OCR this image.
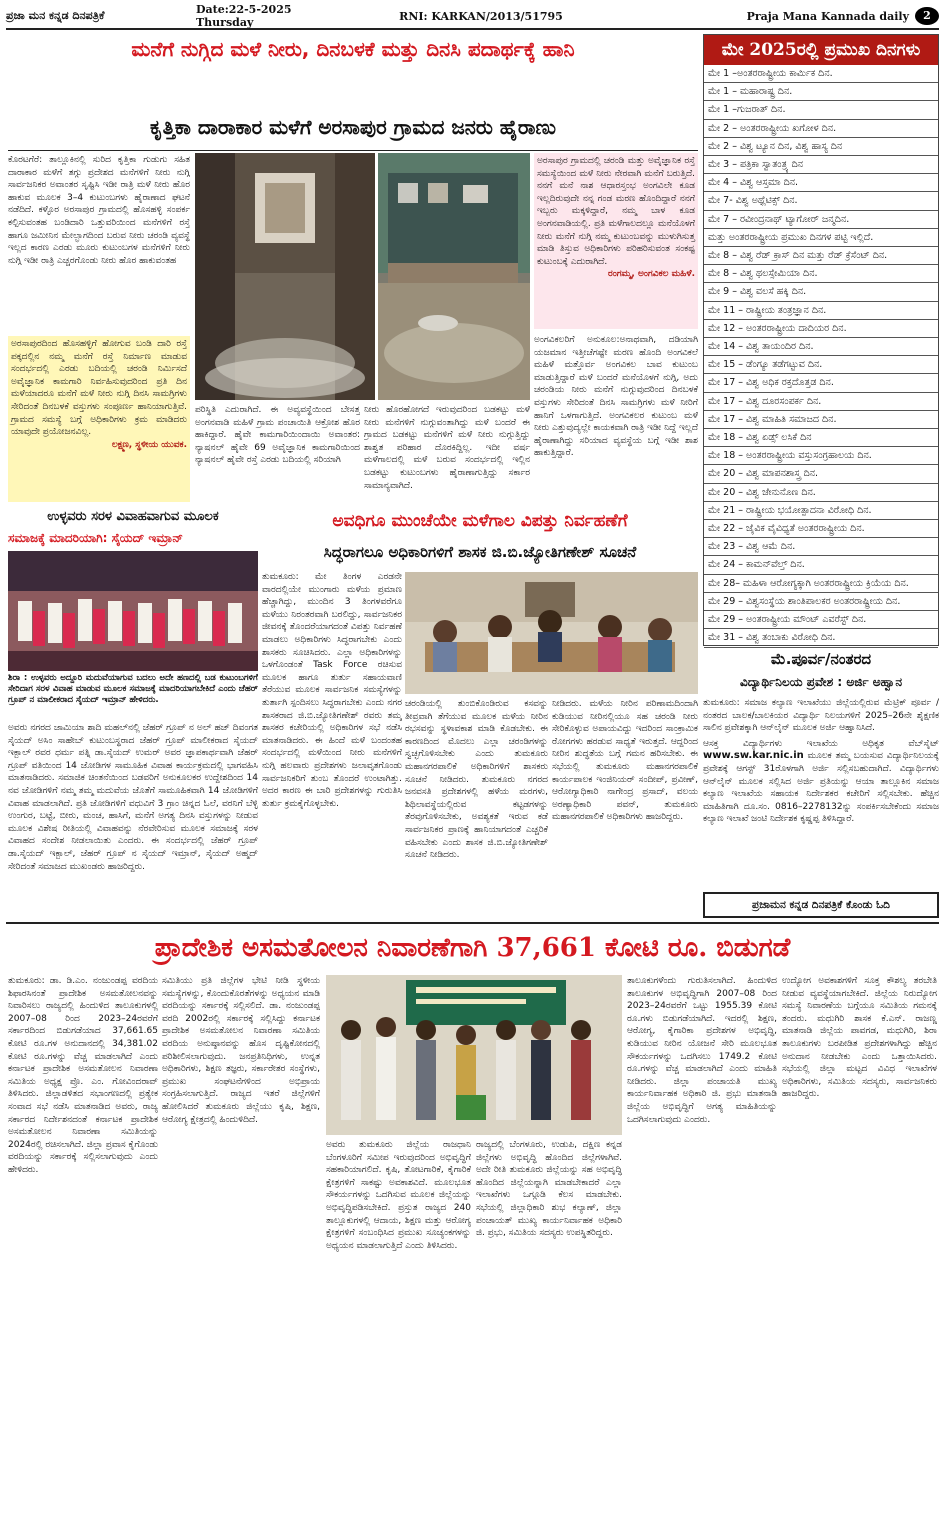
ಪ್ರಜಾ ಮನ ಕನ್ನಡ ದಿನಪತ್ರಿಕೆ	Date:22-5-2025 Thursday	RNI: KARKAN/2013/51795	Praja Mana Kannada daily	2
ಮನೆಗೆ ನುಗ್ಗಿದ ಮಳೆ ನೀರು, ದಿನಬಳಕೆ ಮತ್ತು ದಿನಸಿ ಪದಾರ್ಥಕ್ಕೆ ಹಾನಿ
ಕೃತ್ತಿಕಾ ದಾರಾಕಾರ ಮಳೆಗೆ ಅರಸಾಪುರ ಗ್ರಾಮದ ಜನರು ಹೈರಾಣು
ಕೊರಟಗೆರೆ: ತಾಲ್ಲೂಕಿನಲ್ಲಿ ಸುರಿದ ಕೃತ್ತಿಕಾ ಗುಡುಗು ಸಹಿತ ದಾರಾಕಾರ ಮಳೆಗೆ ತಗ್ಗು ಪ್ರದೇಶದ ಮನೆಗಳಿಗೆ ನೀರು ನುಗ್ಗಿ ಸಾರ್ವಜನಿಕರ ಅವಾಂತರ ಸೃಷ್ಟಿಸಿ ಇಡೀ ರಾತ್ರಿ ಮಳೆ ನೀರು ಹೊರ ಹಾಕುವ ಮೂಲಕ 3–4 ಕುಟುಂಬಗಳು ಹೈರಾಣಾದ ಘಟನೆ ನಡೆದಿದೆ. ಕಳ್ಳೊರ ಅರಸಾಪುರ ಗ್ರಾಮದಲ್ಲಿ ಹೊಸಹಳ್ಳಿ ಸಂಪರ್ಕ ಕಲ್ಪಿಸುವಂತಹ ಬಂಡಿದಾರಿ ಒತ್ತುವರಿಯಿಂದ ಮನೆಗಳಿಗೆ ರಸ್ತೆ ಹಾಗೂ ಜಮೀನಿನ ಮೇಲ್ಭಾಗದಿಂದ ಬರುವ ನೀರು ಚರಂಡಿ ವ್ಯವಸ್ಥೆ ಇಲ್ಲದ ಕಾರಣ ಎರಡು ಮೂರು ಕುಟುಂಬಗಳ ಮನೆಗಳಿಗೆ ನೀರು ನುಗ್ಗಿ ಇಡೀ ರಾತ್ರಿ ಎಚ್ಚರಗೊಂಡು ನೀರು ಹೊರ ಹಾಕುವಂತಹ
ಅರಸಾಪುರದಿಂದ ಹೊಸಹಳ್ಳಿಗೆ ಹೋಗುವ ಬಂಡಿ ದಾರಿ ರಸ್ತೆ ಪಕ್ಕದಲ್ಲಿನ ನಮ್ಮ ಮನೆಗೆ ರಸ್ತೆ ನಿರ್ಮಾಣ ಮಾಡುವ ಸಂದರ್ಭದಲ್ಲಿ ಎರಡು ಬದಿಯಲ್ಲಿ ಚರಂಡಿ ನಿರ್ಮಿಸದೆ ಅವೈಜ್ಞಾನಿಕ ಕಾಮಗಾರಿ ನಿರ್ವಹಿಸುವುದರಿಂದ ಪ್ರತಿ ದಿನ ಮಳೆಯಾದರೂ ಮನೆಗೆ ಮಳೆ ನೀರು ನುಗ್ಗಿ ದಿನಸಿ ಸಾಮಗ್ರಿಗಳು ಸೇರಿದಂತೆ ದಿನಬಳಕೆ ವಸ್ತುಗಳು ಸಂಪೂರ್ಣ ಹಾನಿಯಾಗುತ್ತಿವೆ. ಗ್ರಾಮದ ಸಮಸ್ಯೆ ಬಗ್ಗೆ ಅಧಿಕಾರಿಗಳು ಕ್ರಮ ಮಾಡಿದರು ಯಾವುದೇ ಪ್ರಯೋಜನವಿಲ್ಲ.
ಲಕ್ಷ್ಮಣ, ಸ್ಥಳೀಯ ಯುವಕ.
ಪರಿಸ್ಥಿತಿ ಎದುರಾಗಿದೆ. ಈ ಅವ್ಯವಸ್ಥೆಯಿಂದ ಬೇಸತ್ತ ಅಂಗನವಾಡಿ ಮಹಿಳೆ ಗ್ರಾಮ ಪಂಚಾಯಿತಿ ಆಕ್ರೋಶ ಹೊರ ಹಾಕಿದ್ದಾರೆ. ಹೈವೇ ಕಾಮಗಾರಿಯಿಂದಾಯಿ ಅವಾಂತರ: ನ್ಯಾಷನಲ್ ಹೈವೇ 69 ಅವೈಜ್ಞಾನಿಕ ಕಾಮಗಾರಿಯಿಂದ ನ್ಯಾಷನಲ್ ಹೈವೇ ರಸ್ತೆ ಎರಡು ಬದಿಯಲ್ಲಿ ಸರಿಯಾಗಿ
ನೀರು ಹೊರಹೋಗದೆ ಇರುವುದರಿಂದ ಬಡಕಟ್ಟು ಮಳೆ ನೀರು ಮನೆಗಳಿಗೆ ನುಗ್ಗುವಂತಾಗಿದ್ದು ಮಳೆ ಬಂದರೆ ಈ ಗ್ರಾಮದ ಬಡಕಟ್ಟು ಮನೆಗಳಿಗೆ ಮಳೆ ನೀರು ನುಗ್ಗುತ್ತಿದ್ದು ಶಾಶ್ವತ ಪರಿಹಾರ ದೊರಕಿದ್ದಿಲ್ಲ. ಇದೀ ವರ್ಷ ಮಳೆಗಾಲದಲ್ಲಿ ಮಳೆ ಬರುವ ಸಂದರ್ಭದಲ್ಲಿ ಇಲ್ಲಿನ ಬಡಕಟ್ಟು ಕುಟುಂಬಗಳು ಹೈರಾಣಾಗುತ್ತಿದ್ದು ಸರ್ಕಾರ ಸಾಮಾನ್ಯವಾಗಿದೆ.
ಅರಸಾಪುರ ಗ್ರಾಮದಲ್ಲಿ ಚರಂಡಿ ಮತ್ತು ಅವೈಜ್ಞಾನಿಕ ರಸ್ತೆ ಸಮಸ್ಯೆಯಿಂದ ಮಳೆ ನೀರು ನೇರವಾಗಿ ಮನೆಗೆ ಬರುತ್ತಿದೆ. ನನಗೆ ಮನೆ ನಾಶ ಆಧಾರಸ್ತಂಭ ಅಂಗವಿಲೇ ಕೂಡ ಇಲ್ಲದಿರುವುದೇ ನನ್ನ ಗಂಡ ಮರಣ ಹೊಂದಿದ್ದಾರೆ ನನಗೆ ಇಬ್ಬರು ಮಕ್ಕಳಿದ್ದಾರೆ, ನಮ್ಮ ಬಾಳ ಕೂಡ ಅಂಗನವಾಡಿಯಲ್ಲಿ. ಪ್ರತಿ ಮಳೆಗಾಲದಲ್ಲೂ ಮನೆಯೊಳಗೆ ನೀರು ಮನೆಗೆ ನುಗ್ಗಿ ನಮ್ಮ ಕುಟುಂಬವನ್ನು ಮುಳುಗಿಸುತ್ತ ಮಾಡಿ ತಿಸ್ತುವ ಅಧಿಕಾರಿಗಳು ಪರಿಹರಿಸುವಂತ ಸಂಕಷ್ಟ ಕುಟುಂಬಕ್ಕೆ ಎದುರಾಗಿದೆ.
ರಂಗಮ್ಮ, ಅಂಗವಿಕಲ ಮಹಿಳೆ.
ಅಂಗವಿಕಲರಿಗೆ ಅನುಕೂಲ:ಅನಾಥವಾಗಿ, ದಡಿಯಾಗಿ ಯಜಮಾನ ಇತ್ತೀಚೆಗಷ್ಟೇ ಮರಣ ಹೊಂದಿ ಅಂಗವಿಕಲೆ ಮಹಿಳೆ ಮತ್ತೊರ್ವ ಅಂಗವಿಕಲ ಬಾವ ಕುಟುಂಬ ಮಾಡುತ್ತಿದ್ದಾರೆ ಮಳೆ ಬಂದರೆ ಮನೆಯೊಳಗೆ ನುಗ್ಗಿ, ಅದು ಚರಂಡಿಯ ನೀರು ಮನೆಗೆ ನುಗ್ಗುವುದರಿಂದ ದಿನಬಳಕೆ ವಸ್ತುಗಳು ಸೇರಿದಂತೆ ದಿನಸಿ ಸಾಮಗ್ರಿಗಳು ಮಳೆ ನೀರಿಗೆ ಹಾನಿಗೆ ಒಳಗಾಗುತ್ತಿದೆ. ಅಂಗವಿಕಲರ ಕುಟುಂಬ ಮಳೆ ನೀರು ಎತ್ತುವುದ್ಯಲ್ಲೇ ಕಾಯಕವಾಗಿ ರಾತ್ರಿ ಇಡೀ ನಿದ್ದೆ ಇಲ್ಲದೆ ಹೈರಾಣಾಗಿದ್ದು ಸರಿಯಾದ ವ್ಯವಸ್ಥೆಯ ಬಗ್ಗೆ ಇಡೀ ಶಾಶ ಹಾಕುತ್ತಿದ್ದಾರೆ.
ಉಳ್ಳವರು ಸರಳ ವಿವಾಹವಾಗುವ ಮೂಲಕ
ಸಮಾಜಕ್ಕೆ ಮಾದರಿಯಾಗಿ: ಸೈಯದ್ ಇಮ್ರಾನ್
ಶಿರಾ : ಉಳ್ಳವರು ಅದ್ದೂರಿ ಮದುವೆಯಾಗುವ ಬದಲು ಅದೇ ಹಣದಲ್ಲಿ ಬಡ ಕುಟುಂಬಗಳಿಗೆ ಸೇರಿದಾಗ ಸರಳ ವಿವಾಹ ಮಾಡುವ ಮೂಲಕ ಸಮಾಜಕ್ಕೆ ಮಾದರಿಯಾಗಬೇಕಿದೆ ಎಂದು ಜೆಹರ್ ಗ್ರೂಪ್ ನ ಮಾಲೀಕರಾದ ಸೈಯದ್ ಇಮ್ರಾನ್ ಹೇಳಿದರು.
ಅವರು ನಗರದ ಜಾಮಿಯಾ ಶಾದಿ ಮಹಲ್‌ನಲ್ಲಿ ಜೆಹರ್ ಗ್ರೂಪ್ ನ ಅಲ್ ಹಜ್ ದಿವಂಗತ ಸೈಯದ್ ಅಸಿಂ ಸಾಹೇಬ್ ಕುಟುಂಬಸ್ಥರಾದ ಜೆಹರ್ ಗ್ರೂಪ್ ಮಾಲೀಕರಾದ ಸೈಯದ್ ಇಕ್ಬಾಲ್ ರವರ ಧರ್ಮ ಪತ್ನಿ ಡಾ.ಸೈಯದ್ ಉಮರ್ ಅವರ ಜ್ಞಾಪಕಾರ್ಥವಾಗಿ ಜೆಹರ್ ಗ್ರೂಪ್ ವತಿಯಿಂದ 14 ಜೋಡಿಗಳ ಸಾಮೂಹಿಕ ವಿವಾಹ ಕಾರ್ಯಕ್ರಮದಲ್ಲಿ ಭಾಗವಹಿಸಿ ಮಾತನಾಡಿದರು. ಸಮಾಜಿಕ ಚಿಂತನೆಯಿಂದ ಬಡವರಿಗೆ ಅನುಕೂಲಕರ ಉದ್ದೇಶದಿಂದ 14 ನವ ಜೋಡಿಗಳಿಗೆ ನಮ್ಮ ತಮ್ಮ ಮದುವೆಯ ಜೊತೆಗೆ ಸಾಮೂಹಿಕವಾಗಿ 14 ಜೋಡಿಗಳಿಗೆ ವಿವಾಹ ಮಾಡಲಾಗಿದೆ. ಪ್ರತಿ ಜೋಡಿಗಳಿಗೆ ವಧುವಿಗೆ 3 ಗ್ರಾಂ ಚಿನ್ನದ ಓಲೆ, ವರನಿಗೆ ಬೆಳ್ಳಿ ಉಂಗುರ, ಬಟ್ಟೆ, ಬೀರು, ಮಂಚ, ಹಾಸಿಗೆ, ಮನೆಗೆ ಅಗತ್ಯ ದಿನಸಿ ವಸ್ತುಗಳನ್ನು ನೀಡುವ ಮೂಲಕ ವಿಶೇಷ ರೀತಿಯಲ್ಲಿ ವಿವಾಹವನ್ನು ನೆರವೇರಿಸುವ ಮೂಲಕ ಸಮಾಜಕ್ಕೆ ಸರಳ ವಿವಾಹದ ಸಂದೇಶ ನೀಡಲಾಯಿತು ಎಂದರು. ಈ ಸಂದರ್ಭದಲ್ಲಿ ಜೆಹರ್ ಗ್ರೂಪ್ ಡಾ.ಸೈಯದ್ ಇಕ್ಬಾಲ್, ಜೆಹರ್ ಗ್ರೂಪ್ ನ ಸೈಯದ್ ಇಮ್ರಾನ್, ಸೈಯದ್ ಅಹ್ಮದ್ ಸೇರಿದಂತೆ ಸಮಾಜದ ಮುಖಂಡರು ಹಾಜರಿದ್ದರು.
ಅವಧಿಗೂ ಮುಂಚೆಯೇ ಮಳೆಗಾಲ ವಿಪತ್ತು ನಿರ್ವಹಣೆಗೆ
ಸಿದ್ಧರಾಗಲೂ ಅಧಿಕಾರಿಗಳಿಗೆ ಶಾಸಕ ಜಿ.ಬಿ.ಜ್ಯೋತಿಗಣೇಶ್ ಸೂಚನೆ
ತುಮಕೂರು: ಮೇ ತಿಂಗಳ ಎರಡನೇ ವಾರದಲ್ಲಿಯೇ ಮುಂಗಾರು ಮಳೆಯ ಪ್ರಮಾಣ ಹೆಚ್ಚಾಗಿದ್ದು, ಮುಂದಿನ 3 ತಿಂಗಳವರೆಗೂ ಮಳೆಯು ನಿರಂತರವಾಗಿ ಬರಲಿದ್ದು, ಸಾರ್ವಜನಿಕರ ಜೀವನಕ್ಕೆ ತೊಂದರೆಯಾಗದಂತೆ ವಿಪತ್ತು ನಿರ್ವಹಣೆ ಮಾಡಲು ಅಧಿಕಾರಿಗಳು ಸಿದ್ಧರಾಗಬೇಕು ಎಂದು ಶಾಸಕರು ಸೂಚಿಸಿದರು. ಎಲ್ಲಾ ಅಧಿಕಾರಿಗಳನ್ನು ಒಳಗೊಂಡಂತೆ Task Force ರಚಿಸುವ ಮೂಲಕ ಹಾಗೂ ತುರ್ತು ಸಹಾಯವಾಣಿ ತೆರೆಯುವ ಮೂಲಕ ಸಾರ್ವಜನಿಕ ಸಮಸ್ಯೆಗಳನ್ನು ತುರ್ತಾಗಿ ಸ್ಪಂದಿಸಲು ಸಿದ್ಧರಾಗಬೇಕು ಎಂದು ನಗರ ಶಾಸಕರಾದ ಜಿ.ಬಿ.ಜ್ಯೋತಿಗಣೇಶ್ ರವರು ತಮ್ಮ ಶಾಸಕರ ಕಚೇರಿಯಲ್ಲಿ ಅಧಿಕಾರಿಗಳ ಸಭೆ ನಡೆಸಿ ಮಾತನಾಡಿದರು. ಈ ಹಿಂದೆ ಮಳೆ ಬಂದಂತಹ ಸಂದರ್ಭದಲ್ಲಿ ಮಳೆಯಿಂದ ನೀರು ಮನೆಗಳಿಗೆ ನುಗ್ಗಿ ಹಲವಾರು ಪ್ರದೇಶಗಳು ಜಲಾವೃತಗೊಂಡು ಸಾರ್ವಜನಿಕರಿಗೆ ತುಂಬ ತೊಂದರೆ ಉಂಟಾಗಿತ್ತು. ಅದರ ಕಾರಣ ಈ ಬಾರಿ ಪ್ರದೇಶಗಳನ್ನು ಗುರುತಿಸಿ ತುರ್ತು ಕ್ರಮಕೈಗೊಳ್ಳಬೇಕು.
ಚರಂಡಿಯಲ್ಲಿ ತುಂಬಿಕೊಂಡಿರುವ ಕಸವನ್ನು ತೀವ್ರವಾಗಿ ತೆಗೆಯುವ ಮೂಲಕ ಮಳೆಯ ನೀರಿನ ರಭಸವನ್ನು ಸ್ಥಳಾವಕಾಶ ಮಾಡಿ ಕೊಡಬೇಕು. ಈ ಕಾರಣದಿಂದ ಮೊದಲು ಎಲ್ಲಾ ಚರಂಡಿಗಳನ್ನು ಸ್ವಚ್ಛಗೊಳಿಸಬೇಕು ಎಂದು ತುಮಕೂರು ಮಹಾನಗರಪಾಲಿಕೆ ಅಧಿಕಾರಿಗಳಿಗೆ ಶಾಸಕರು ಸೂಚನೆ ನೀಡಿದರು. ತುಮಕೂರು ನಗರದ ಜನವಸತಿ ಪ್ರದೇಶಗಳಲ್ಲಿ ಹಳೆಯ ಮರಗಳು, ಶಿಥಿಲಾವಸ್ಥೆಯಲ್ಲಿರುವ ಕಟ್ಟಡಗಳನ್ನು ತೆರವುಗೊಳಿಸಬೇಕು, ಅವಶ್ಯಕತೆ ಇರುವ ಕಡೆ ಸಾರ್ವಜನಿಕರ ಪ್ರಾಣಕ್ಕೆ ಹಾನಿಯಾಗದಂತೆ ಎಚ್ಚರಿಕೆ ವಹಿಸಬೇಕು ಎಂದು ಶಾಸಕ ಜಿ.ಬಿ.ಜ್ಯೋತಿಗಣೇಶ್ ಸೂಚನೆ ನೀಡಿದರು.
ನೀಡಿದರು. ಮಳೆಯ ನೀರಿನ ಪರಿಣಾಮದಿಂದಾಗಿ ಕುಡಿಯುವ ನೀರಿನಲ್ಲಿಯೂ ಸಹ ಚರಂಡಿ ನೀರು ಸೇರಿಕೊಳ್ಳುವ ಅಪಾಯವಿದ್ದು ಇದರಿಂದ ಸಾಂಕ್ರಾಮಿಕ ರೋಗಗಳು ಹರಡುವ ಸಾಧ್ಯತೆ ಇರುತ್ತದೆ. ಆದ್ದರಿಂದ ನೀರಿನ ಶುದ್ಧತೆಯ ಬಗ್ಗೆ ಗಮನ ಹರಿಸಬೇಕು. ಈ ಸಭೆಯಲ್ಲಿ ತುಮಕೂರು ಮಹಾನಗರಪಾಲಿಕೆ ಕಾರ್ಯಪಾಲಕ ಇಂಜಿನಿಯರ್ ಸಂದೀಪ್, ಪ್ರವೀಣ್, ಆರೋಗ್ಯಾಧಿಕಾರಿ ನಾಗೇಂದ್ರ ಪ್ರಸಾದ್, ವಲಯ ಅರಣ್ಯಾಧಿಕಾರಿ ಪವನ್, ತುಮಕೂರು ಮಹಾನಗರಪಾಲಿಕೆ ಅಧಿಕಾರಿಗಳು ಹಾಜರಿದ್ದರು.
ಮೇ 2025ರಲ್ಲಿ ಪ್ರಮುಖ ದಿನಗಳು
ಮೇ 1 –ಅಂತರರಾಷ್ಟ್ರೀಯ ಕಾರ್ಮಿಕ ದಿನ.
ಮೇ 1 – ಮಹಾರಾಷ್ಟ್ರ ದಿನ.
ಮೇ 1 –ಗುಜರಾತ್ ದಿನ.
ಮೇ 2 – ಅಂತರರಾಷ್ಟ್ರೀಯ ಖಗೋಳ ದಿನ.
ಮೇ 2 – ವಿಶ್ವ ಟ್ಯೂನ ದಿನ, ವಿಶ್ವ ಹಾಸ್ಯ ದಿನ
ಮೇ 3 – ಪತ್ರಿಕಾ ಸ್ವಾತಂತ್ರ್ಯ ದಿನ
ಮೇ 4 – ವಿಶ್ವ ಆಸ್ತಮಾ ದಿನ.
ಮೇ 7- ವಿಶ್ವ ಅಥ್ಲೆಟಿಕ್ಸ್ ದಿನ.
ಮೇ 7 – ರವೀಂದ್ರನಾಥ್ ಟ್ಯಾಗೋರ್ ಜನ್ಮದಿನ.
ಮತ್ತು ಅಂತರರಾಷ್ಟ್ರೀಯ ಪ್ರಮುಖ ದಿನಗಳ ಪಟ್ಟಿ ಇಲ್ಲಿದೆ.
ಮೇ 8 – ವಿಶ್ವ ರೆಡ್ ಕ್ರಾಸ್ ದಿನ ಮತ್ತು ರೆಡ್ ಕ್ರೆಸೆಂಟ್ ದಿನ.
ಮೇ 8 – ವಿಶ್ವ ಥಲಸ್ಸೇಮಿಯಾ ದಿನ.
ಮೇ 9 – ವಿಶ್ವ ವಲಸೆ ಹಕ್ಕಿ ದಿನ.
ಮೇ 11 – ರಾಷ್ಟ್ರೀಯ ತಂತ್ರಜ್ಞಾನ ದಿನ.
ಮೇ 12 – ಅಂತರರಾಷ್ಟ್ರೀಯ ದಾದಿಯರ ದಿನ.
ಮೇ 14 – ವಿಶ್ವ ತಾಯಂದಿರ ದಿನ.
ಮೇ 15 – ಡೆಂಗ್ಯೂ ತಡೆಗಟ್ಟುವ ದಿನ.
ಮೇ 17 – ವಿಶ್ವ ಅಧಿಕ ರಕ್ತದೊತ್ತಡ ದಿನ.
ಮೇ 17 – ವಿಶ್ವ ದೂರಸಂಪರ್ಕ ದಿನ.
ಮೇ 17 – ವಿಶ್ವ ಮಾಹಿತಿ ಸಮಾಜದ ದಿನ.
ಮೇ 18 – ವಿಶ್ವ ಏಡ್ಸ್ ಲಸಿಕೆ ದಿನ
ಮೇ 18 – ಅಂತರರಾಷ್ಟ್ರೀಯ ವಸ್ತುಸಂಗ್ರಹಾಲಯ ದಿನ.
ಮೇ 20 – ವಿಶ್ವ ಮಾಪನಶಾಸ್ತ್ರ ದಿನ.
ಮೇ 20 – ವಿಶ್ವ ಜೇನುನೊಣ ದಿನ.
ಮೇ 21 – ರಾಷ್ಟ್ರೀಯ ಭಯೋತ್ಪಾದನಾ ವಿರೋಧಿ ದಿನ.
ಮೇ 22 – ಜೈವಿಕ ವೈವಿಧ್ಯತೆ ಅಂತರರಾಷ್ಟ್ರೀಯ ದಿನ.
ಮೇ 23 – ವಿಶ್ವ ಆಮೆ ದಿನ.
ಮೇ 24 – ಕಾಮನ್‌ವೆಲ್ತ್ ದಿನ.
ಮೇ 28– ಮಹಿಳಾ ಆರೋಗ್ಯಕ್ಕಾಗಿ ಅಂತರರಾಷ್ಟ್ರೀಯ ಕ್ರಿಯೆಯ ದಿನ.
ಮೇ 29 – ವಿಶ್ವಸಂಸ್ಥೆಯ ಶಾಂತಿಪಾಲಕರ ಅಂತರರಾಷ್ಟ್ರೀಯ ದಿನ.
ಮೇ 29 – ಅಂತರಾಷ್ಟ್ರೀಯ ಮೌಂಟ್ ಎವರೆಸ್ಟ್ ದಿನ.
ಮೇ 31 – ವಿಶ್ವ ತಂಬಾಕು ವಿರೋಧಿ ದಿನ.
ಮೆ.ಪೂರ್ವ/ನಂತರದ
ವಿದ್ಯಾರ್ಥಿನಿಲಯ ಪ್ರವೇಶ : ಅರ್ಜಿ ಅಹ್ವಾನ

ತುಮಕೂರು: ಸಮಾಜ ಕಲ್ಯಾಣ ಇಲಾಖೆಯು ಜಿಲ್ಲೆಯಲ್ಲಿರುವ ಮೆಟ್ರಿಕ್ ಪೂರ್ವ / ನಂತರದ ಬಾಲಕ/ಬಾಲಕಿಯರ ವಿದ್ಯಾರ್ಥಿ ನಿಲಯಗಳಿಗೆ 2025–26ನೇ ಶೈಕ್ಷಣಿಕ ಸಾಲಿನ ಪ್ರವೇಶಕ್ಕಾಗಿ ಆನ್‌ಲೈನ್ ಮೂಲಕ ಅರ್ಜಿ ಆಹ್ವಾನಿಸಿದೆ.

ಆಸಕ್ತ ವಿದ್ಯಾರ್ಥಿಗಳು ಇಲಾಖೆಯ ಅಧಿಕೃತ ವೆಬ್‌ಸೈಟ್ www.sw.kar.nic.in ಮೂಲಕ ತಮ್ಮ ಬಯಸುವ ವಿದ್ಯಾರ್ಥಿನಿಲಯಕ್ಕೆ ಪ್ರವೇಶಕ್ಕೆ ಆಗಸ್ಟ್ 31ರೊಳಗಾಗಿ ಅರ್ಜಿ ಸಲ್ಲಿಸಬಹುದಾಗಿದೆ. ವಿದ್ಯಾರ್ಥಿಗಳು ಆನ್‌ಲೈನ್ ಮೂಲಕ ಸಲ್ಲಿಸಿದ ಅರ್ಜಿ ಪ್ರತಿಯನ್ನು ಆಯಾ ತಾಲ್ಲೂಕಿನ ಸಮಾಜ ಕಲ್ಯಾಣ ಇಲಾಖೆಯ ಸಹಾಯಕ ನಿರ್ದೇಶಕರ ಕಚೇರಿಗೆ ಸಲ್ಲಿಸಬೇಕು. ಹೆಚ್ಚಿನ ಮಾಹಿತಿಗಾಗಿ ದೂ.ಸಂ. 0816–2278132ನ್ನು ಸಂಪರ್ಕಿಸಬೇಕೆಂದು ಸಮಾಜ ಕಲ್ಯಾಣ ಇಲಾಖೆ ಜಂಟಿ ನಿರ್ದೇಶಕ ಕೃಷ್ಣಪ್ಪ ತಿಳಿಸಿದ್ದಾರೆ.

ಪ್ರಜಾಮನ ಕನ್ನಡ ದಿನಪತ್ರಿಕೆ ಕೊಂಡು ಓದಿ
ಪ್ರಾದೇಶಿಕ ಅಸಮತೋಲನ ನಿವಾರಣೆಗಾಗಿ 37,661 ಕೋಟಿ ರೂ. ಬಿಡುಗಡೆ
ತುಮಕೂರು: ಡಾ. ಡಿ.ಎಂ. ನಂಜುಂಡಪ್ಪ ವರದಿಯ ಶಿಫಾರಸಿನಂತೆ ಪ್ರಾದೇಶಿಕ ಅಸಮತೋಲನವನ್ನು ನಿವಾರಿಸಲು ರಾಜ್ಯದಲ್ಲಿ ಹಿಂದುಳಿದ ತಾಲೂಕುಗಳಲ್ಲಿ 2007–08 ರಿಂದ 2023–24ರವರೆಗೆ ಸರ್ಕಾರದಿಂದ ಬಿಡುಗಡೆಯಾದ 37,661.65 ಕೋಟಿ ರೂ.ಗಳ ಅನುದಾನದಲ್ಲಿ 34,381.02 ಕೋಟಿ ರೂ.ಗಳನ್ನು ವೆಚ್ಚ ಮಾಡಲಾಗಿದೆ ಎಂದು ಕರ್ನಾಟಕ ಪ್ರಾದೇಶಿಕ ಅಸಮತೋಲನ ನಿವಾರಣಾ ಸಮಿತಿಯ ಅಧ್ಯಕ್ಷ ಪ್ರೊ. ಎಂ. ಗೋವಿಂದರಾವ್ ತಿಳಿಸಿದರು. ಜಿಲ್ಲಾಡಳಿತದ ಸಭಾಂಗಣದಲ್ಲಿ ಪ್ರತ್ಯೇಕ ಸಂವಾದ ಸಭೆ ನಡೆಸಿ ಮಾತನಾಡಿದ ಅವರು, ರಾಜ್ಯ ಸರ್ಕಾರದ ನಿರ್ದೇಶನದಂತೆ ಕರ್ನಾಟಕ ಪ್ರಾದೇಶಿಕ ಅಸಮತೋಲನ ನಿವಾರಣಾ ಸಮಿತಿಯನ್ನು 2024ರಲ್ಲಿ ರಚಿಸಲಾಗಿದೆ. ಜಿಲ್ಲಾ ಪ್ರವಾಸ ಕೈಗೊಂಡು ವರದಿಯನ್ನು ಸರ್ಕಾರಕ್ಕೆ ಸಲ್ಲಿಸಲಾಗುವುದು ಎಂದು ಹೇಳಿದರು.
ಸಮಿತಿಯು ಪ್ರತಿ ಜಿಲ್ಲೆಗಳ ಭೇಟಿ ನೀಡಿ ಸ್ಥಳೀಯ ಸಮಸ್ಯೆಗಳನ್ನು, ಕೊಂದುಕೊರತೆಗಳನ್ನು ಅಧ್ಯಯನ ಮಾಡಿ ವರದಿಯನ್ನು ಸರ್ಕಾರಕ್ಕೆ ಸಲ್ಲಿಸಲಿದೆ. ಡಾ. ನಂಜುಂಡಪ್ಪ ವರದಿ 2002ರಲ್ಲಿ ಸರ್ಕಾರಕ್ಕೆ ಸಲ್ಲಿಸಿದ್ದು ಕರ್ನಾಟಕ ಪ್ರಾದೇಶಿಕ ಅಸಮತೋಲನ ನಿವಾರಣಾ ಸಮಿತಿಯ ವರದಿಯ ಅನುಷ್ಠಾನವನ್ನು ಹೊಸ ದೃಷ್ಟಿಕೋನದಲ್ಲಿ ಪರಿಶೀಲಿಸಲಾಗುವುದು. ಜನಪ್ರತಿನಿಧಿಗಳು, ಉನ್ನತ ಅಧಿಕಾರಿಗಳು, ಶಿಕ್ಷಣ ತಜ್ಞರು, ಸರ್ಕಾರೇತರ ಸಂಸ್ಥೆಗಳು, ಪ್ರಮುಖ ಸಂಘಟನೆಗಳಿಂದ ಅಭಿಪ್ರಾಯ ಸಂಗ್ರಹಿಸಲಾಗುತ್ತಿದೆ. ರಾಜ್ಯದ ಇತರೆ ಜಿಲ್ಲೆಗಳಿಗೆ ಹೋಲಿಸಿದರೆ ತುಮಕೂರು ಜಿಲ್ಲೆಯು ಕೃಷಿ, ಶಿಕ್ಷಣ, ಆರೋಗ್ಯ ಕ್ಷೇತ್ರದಲ್ಲಿ ಹಿಂದುಳಿದಿದೆ.
ಅವರು ತುಮಕೂರು ಜಿಲ್ಲೆಯ ರಾಜಧಾನಿ ಬೆಂಗಳೂರಿಗೆ ಸಮೀಪ ಇರುವುದರಿಂದ ಅಭಿವೃದ್ಧಿಗೆ ಸಹಕಾರಿಯಾಗಲಿದೆ. ಕೃಷಿ, ತೋಟಗಾರಿಕೆ, ಕೈಗಾರಿಕೆ ಕ್ಷೇತ್ರಗಳಿಗೆ ಸಾಕಷ್ಟು ಅವಕಾಶವಿದೆ. ಮೂಲಭೂತ ಸೌಕರ್ಯಗಳನ್ನು ಒದಗಿಸುವ ಮೂಲಕ ಜಿಲ್ಲೆಯನ್ನು ಅಭಿವೃದ್ಧಿಪಡಿಸಬೇಕಿದೆ. ಪ್ರಸ್ತುತ ರಾಜ್ಯದ 240 ತಾಲ್ಲೂಕುಗಳಲ್ಲಿ ಆದಾಯ, ಶಿಕ್ಷಣ ಮತ್ತು ಆರೋಗ್ಯ ಕ್ಷೇತ್ರಗಳಿಗೆ ಸಂಬಂಧಿಸಿದ ಪ್ರಮುಖ ಸೂಚ್ಯಂಕಗಳನ್ನು ಅಧ್ಯಯನ ಮಾಡಲಾಗುತ್ತಿದೆ ಎಂದು ತಿಳಿಸಿದರು.
ರಾಜ್ಯದಲ್ಲಿ ಬೆಂಗಳೂರು, ಉಡುಪಿ, ದಕ್ಷಿಣ ಕನ್ನಡ ಜಿಲ್ಲೆಗಳು ಅಭಿವೃದ್ಧಿ ಹೊಂದಿದ ಜಿಲ್ಲೆಗಳಾಗಿವೆ. ಅದೇ ರೀತಿ ತುಮಕೂರು ಜಿಲ್ಲೆಯನ್ನು ಸಹ ಅಭಿವೃದ್ಧಿ ಹೊಂದಿದ ಜಿಲ್ಲೆಯನ್ನಾಗಿ ಮಾಡಬೇಕಾದರೆ ಎಲ್ಲಾ ಇಲಾಖೆಗಳು ಒಗ್ಗೂಡಿ ಕೆಲಸ ಮಾಡಬೇಕು. ಸಭೆಯಲ್ಲಿ ಜಿಲ್ಲಾಧಿಕಾರಿ ಶುಭ ಕಲ್ಯಾಣ್, ಜಿಲ್ಲಾ ಪಂಚಾಯತ್ ಮುಖ್ಯ ಕಾರ್ಯನಿರ್ವಾಹಕ ಅಧಿಕಾರಿ ಜಿ. ಪ್ರಭು, ಸಮಿತಿಯ ಸದಸ್ಯರು ಉಪಸ್ಥಿತರಿದ್ದರು.
ತಾಲೂಕುಗಳೆಂದು ಗುರುತಿಸಲಾಗಿದೆ. ಹಿಂದುಳಿದ ತಾಲೂಕುಗಳ ಅಭಿವೃದ್ಧಿಗಾಗಿ 2007–08 ರಿಂದ 2023–24ರವರೆಗೆ ಒಟ್ಟು 1955.39 ಕೋಟಿ ರೂ.ಗಳು ಬಿಡುಗಡೆಯಾಗಿದೆ. ಇದರಲ್ಲಿ ಶಿಕ್ಷಣ, ಆರೋಗ್ಯ, ಕೈಗಾರಿಕಾ ಪ್ರದೇಶಗಳ ಅಭಿವೃದ್ಧಿ, ಕುಡಿಯುವ ನೀರಿನ ಯೋಜನೆ ಸೇರಿ ಮೂಲಭೂತ ಸೌಕರ್ಯಗಳನ್ನು ಒದಗಿಸಲು 1749.2 ಕೋಟಿ ರೂ.ಗಳನ್ನು ವೆಚ್ಚ ಮಾಡಲಾಗಿದೆ ಎಂದು ಮಾಹಿತಿ ನೀಡಿದರು. ಜಿಲ್ಲಾ ಪಂಚಾಯತಿ ಮುಖ್ಯ ಕಾರ್ಯನಿರ್ವಾಹಕ ಅಧಿಕಾರಿ ಜಿ. ಪ್ರಭು ಮಾತನಾಡಿ ಜಿಲ್ಲೆಯ ಅಭಿವೃದ್ಧಿಗೆ ಅಗತ್ಯ ಮಾಹಿತಿಯನ್ನು ಒದಗಿಸಲಾಗುವುದು ಎಂದರು.
ಉದ್ಯೋಗ ಅವಕಾಶಗಳಿಗೆ ಸೂಕ್ತ ಕೌಶಲ್ಯ ತರಬೇತಿ ನೀಡುವ ವ್ಯವಸ್ಥೆಯಾಗಬೇಕಿದೆ. ಜಿಲ್ಲೆಯ ನಿರುದ್ಯೋಗ ಸಮಸ್ಯೆ ನಿವಾರಣೆಯ ಬಗ್ಗೆಯೂ ಸಮಿತಿಯ ಗಮನಕ್ಕೆ ತಂದರು. ಮಧುಗಿರಿ ಶಾಸಕ ಕೆ.ಎನ್. ರಾಜಣ್ಣ ಮಾತನಾಡಿ ಜಿಲ್ಲೆಯ ಪಾವಗಡ, ಮಧುಗಿರಿ, ಶಿರಾ ತಾಲೂಕುಗಳು ಬರಪೀಡಿತ ಪ್ರದೇಶಗಳಾಗಿದ್ದು ಹೆಚ್ಚಿನ ಅನುದಾನ ನೀಡಬೇಕು ಎಂದು ಒತ್ತಾಯಿಸಿದರು. ಸಭೆಯಲ್ಲಿ ಜಿಲ್ಲಾ ಮಟ್ಟದ ವಿವಿಧ ಇಲಾಖೆಗಳ ಅಧಿಕಾರಿಗಳು, ಸಮಿತಿಯ ಸದಸ್ಯರು, ಸಾರ್ವಜನಿಕರು ಹಾಜರಿದ್ದರು.
